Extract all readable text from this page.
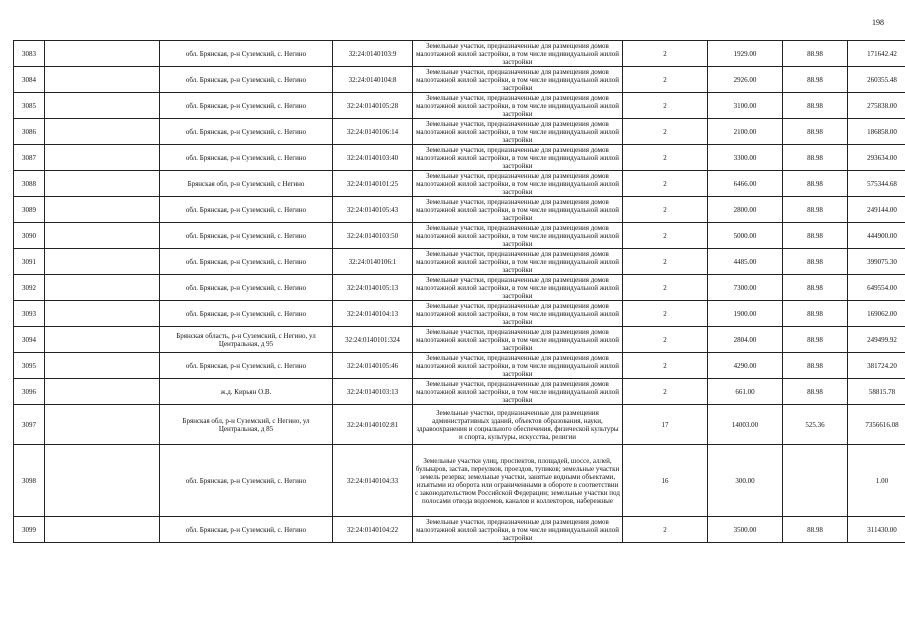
198
3083		обл. Брянская, р-н Суземский, с. Негино	32:24:0140103:9	Земельные участки, предназначенные для размещения домов малоэтажной жилой застройки, в том числе индивидуальной жилой застройки	2	1929.00	88.98	171642.42
3084		обл. Брянская, р-н Суземский, с. Негино	32:24:0140104:8	Земельные участки, предназначенные для размещения домов малоэтажной жилой застройки, в том числе индивидуальной жилой застройки	2	2926.00	88.98	260355.48
3085		обл. Брянская, р-н Суземский, с. Негино	32:24:0140105:28	Земельные участки, предназначенные для размещения домов малоэтажной жилой застройки, в том числе индивидуальной жилой застройки	2	3100.00	88.98	275838.00
3086		обл. Брянская, р-н Суземский, с. Негино	32:24:0140106:14	Земельные участки, предназначенные для размещения домов малоэтажной жилой застройки, в том числе индивидуальной жилой застройки	2	2100.00	88.98	186858.00
3087		обл. Брянская, р-н Суземский, с. Негино	32:24:0140103:40	Земельные участки, предназначенные для размещения домов малоэтажной жилой застройки, в том числе индивидуальной жилой застройки	2	3300.00	88.98	293634.00
3088		Брянская обл, р-н Суземский, с Негино	32:24:0140101:25	Земельные участки, предназначенные для размещения домов малоэтажной жилой застройки, в том числе индивидуальной жилой застройки	2	6466.00	88.98	575344.68
3089		обл. Брянская, р-н Суземский, с. Негино	32:24:0140105:43	Земельные участки, предназначенные для размещения домов малоэтажной жилой застройки, в том числе индивидуальной жилой застройки	2	2800.00	88.98	249144.00
3090		обл. Брянская, р-н Суземский, с. Негино	32:24:0140103:50	Земельные участки, предназначенные для размещения домов малоэтажной жилой застройки, в том числе индивидуальной жилой застройки	2	5000.00	88.98	444900.00
3091		обл. Брянская, р-н Суземский, с. Негино	32:24:0140106:1	Земельные участки, предназначенные для размещения домов малоэтажной жилой застройки, в том числе индивидуальной жилой застройки	2	4485.00	88.98	399075.30
3092		обл. Брянская, р-н Суземский, с. Негино	32:24:0140105:13	Земельные участки, предназначенные для размещения домов малоэтажной жилой застройки, в том числе индивидуальной жилой застройки	2	7300.00	88.98	649554.00
3093		обл. Брянская, р-н Суземский, с. Негино	32:24:0140104:13	Земельные участки, предназначенные для размещения домов малоэтажной жилой застройки, в том числе индивидуальной жилой застройки	2	1900.00	88.98	169062.00
3094		Брянская область, р-н Суземский, с Негино, ул Центральная, д 95	32:24:0140101:324	Земельные участки, предназначенные для размещения домов малоэтажной жилой застройки, в том числе индивидуальной жилой застройки	2	2804.00	88.98	249499.92
3095		обл. Брянская, р-н Суземский, с. Негино	32:24:0140105:46	Земельные участки, предназначенные для размещения домов малоэтажной жилой застройки, в том числе индивидуальной жилой застройки	2	4290.00	88.98	381724.20
3096		ж.д. Кирьян О.В.	32:24:0140103:13	Земельные участки, предназначенные для размещения домов малоэтажной жилой застройки, в том числе индивидуальной жилой застройки	2	661.00	88.98	58815.78
3097		Брянская обл, р-н Суземский, с Негино, ул Центральная, д 85	32:24:0140102:81	Земельные участки, предназначенные для размещения административных зданий, объектов образования, науки, здравоохранения и социального обеспечения, физической культуры и спорта, культуры, искусства, религии	17	14003.00	525.36	7356616.08
3098		обл. Брянская, р-н Суземский, с. Негино	32:24:0140104:33	Земельные участки улиц, проспектов, площадей, шоссе, аллей, бульваров, застав, переулков, проездов, тупиков; земельные участки земель резерва; земельные участки, занятые водными объектами, изъятыми из оборота или ограниченными в обороте в соответствии с законодательством Российской Федерации; земельные участки под полосами отвода водоемов, каналов и коллекторов, набережные	16	300.00		1.00
3099		обл. Брянская, р-н Суземский, с. Негино	32:24:0140104:22	Земельные участки, предназначенные для размещения домов малоэтажной жилой застройки, в том числе индивидуальной жилой застройки	2	3500.00	88.98	311430.00
